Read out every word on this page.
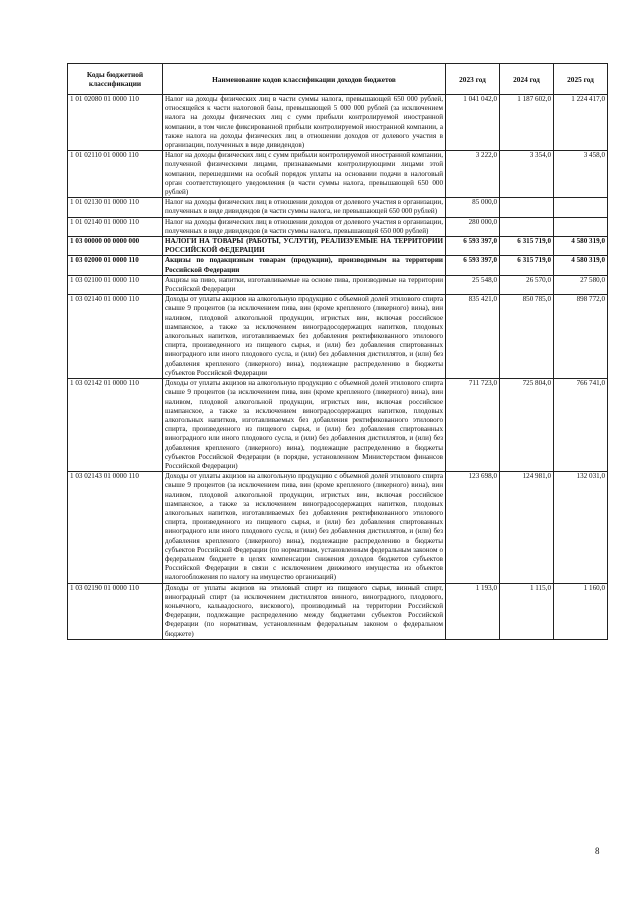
Коды бюджетной классификации	Наименование кодов классификации доходов бюджетов	2023 год	2024 год	2025 год
1 01 02080 01 0000 110	Налог на доходы физических лиц в части суммы налога, превышающей 650 000 рублей, относящейся к части налоговой базы, превышающей 5 000 000 рублей (за исключением налога на доходы физических лиц с сумм прибыли контролируемой иностранной компании, в том числе фиксированной прибыли контролируемой иностранной компании, а также налога на доходы физических лиц в отношении доходов от долевого участия в организации, полученных в виде дивидендов)	1 041 042,0	1 187 602,0	1 224 417,0
1 01 02110 01 0000 110	Налог на доходы физических лиц с сумм прибыли контролируемой иностранной компании, полученной физическими лицами, признаваемыми контролирующими лицами этой компании, перешедшими на особый порядок уплаты на основании подачи в налоговый орган соответствующего уведомления (в части суммы налога, превышающей 650 000 рублей)	3 222,0	3 354,0	3 458,0
1 01 02130 01 0000 110	Налог на доходы физических лиц в отношении доходов от долевого участия в организации, полученных в виде дивидендов (в части суммы налога, не превышающей 650 000 рублей)	85 000,0		
1 01 02140 01 0000 110	Налог на доходы физических лиц в отношении доходов от долевого участия в организации, полученных в виде дивидендов (в части суммы налога, превышающей 650 000 рублей)	280 000,0		
1 03 00000 00 0000 000	НАЛОГИ НА ТОВАРЫ (РАБОТЫ, УСЛУГИ), РЕАЛИЗУЕМЫЕ НА ТЕРРИТОРИИ РОССИЙСКОЙ ФЕДЕРАЦИИ	6 593 397,0	6 315 719,0	4 580 319,0
1 03 02000 01 0000 110	Акцизы по подакцизным товарам (продукции), производимым на территории Российской Федерации	6 593 397,0	6 315 719,0	4 580 319,0
1 03 02100 01 0000 110	Акцизы на пиво, напитки, изготавливаемые на основе пива, производимые на территории Российской Федерации	25 548,0	26 570,0	27 580,0
1 03 02140 01 0000 110	Доходы от уплаты акцизов на алкогольную продукцию с объемной долей этилового спирта свыше 9 процентов (за исключением пива, вин (кроме крепленого (ликерного) вина), вин наливом, плодовой алкогольной продукции, игристых вин, включая российское шампанское, а также за исключением виноградосодержащих напитков, плодовых алкогольных напитков, изготавливаемых без добавления ректификованного этилового спирта, произведенного из пищевого сырья, и (или) без добавления спиртованных виноградного или иного плодового сусла, и (или) без добавления дистиллятов, и (или) без добавления крепленого (ликерного) вина), подлежащие распределению в бюджеты субъектов Российской Федерации	835 421,0	850 785,0	898 772,0
1 03 02142 01 0000 110	Доходы от уплаты акцизов на алкогольную продукцию с объемной долей этилового спирта свыше 9 процентов (за исключением пива, вин (кроме крепленого (ликерного) вина), вин наливом, плодовой алкогольной продукции, игристых вин, включая российское шампанское, а также за исключением виноградосодержащих напитков, плодовых алкогольных напитков, изготавливаемых без добавления ректификованного этилового спирта, произведенного из пищевого сырья, и (или) без добавления спиртованных виноградного или иного плодового сусла, и (или) без добавления дистиллятов, и (или) без добавления крепленого (ликерного) вина), подлежащие распределению в бюджеты субъектов Российской Федерации (в порядке, установленном Министерством финансов Российской Федерации)	711 723,0	725 804,0	766 741,0
1 03 02143 01 0000 110	Доходы от уплаты акцизов на алкогольную продукцию с объемной долей этилового спирта свыше 9 процентов (за исключением пива, вин (кроме крепленого (ликерного) вина), вин наливом, плодовой алкогольной продукции, игристых вин, включая российское шампанское, а также за исключением виноградосодержащих напитков, плодовых алкогольных напитков, изготавливаемых без добавления ректификованного этилового спирта, произведенного из пищевого сырья, и (или) без добавления спиртованных виноградного или иного плодового сусла, и (или) без добавления дистиллятов, и (или) без добавления крепленого (ликерного) вина), подлежащие распределению в бюджеты субъектов Российской Федерации (по нормативам, установленным федеральным законом о федеральном бюджете в целях компенсации снижения доходов бюджетов субъектов Российской Федерации в связи с исключением движимого имущества из объектов налогообложения по налогу на имущество организаций)	123 698,0	124 981,0	132 031,0
1 03 02190 01 0000 110	Доходы от уплаты акцизов на этиловый спирт из пищевого сырья, винный спирт, виноградный спирт (за исключением дистиллятов винного, виноградного, плодового, коньячного, кальвадосного, вискового), производимый на территории Российской Федерации, подлежащие распределению между бюджетами субъектов Российской Федерации (по нормативам, установленным федеральным законом о федеральном бюджете)	1 193,0	1 115,0	1 160,0
8
